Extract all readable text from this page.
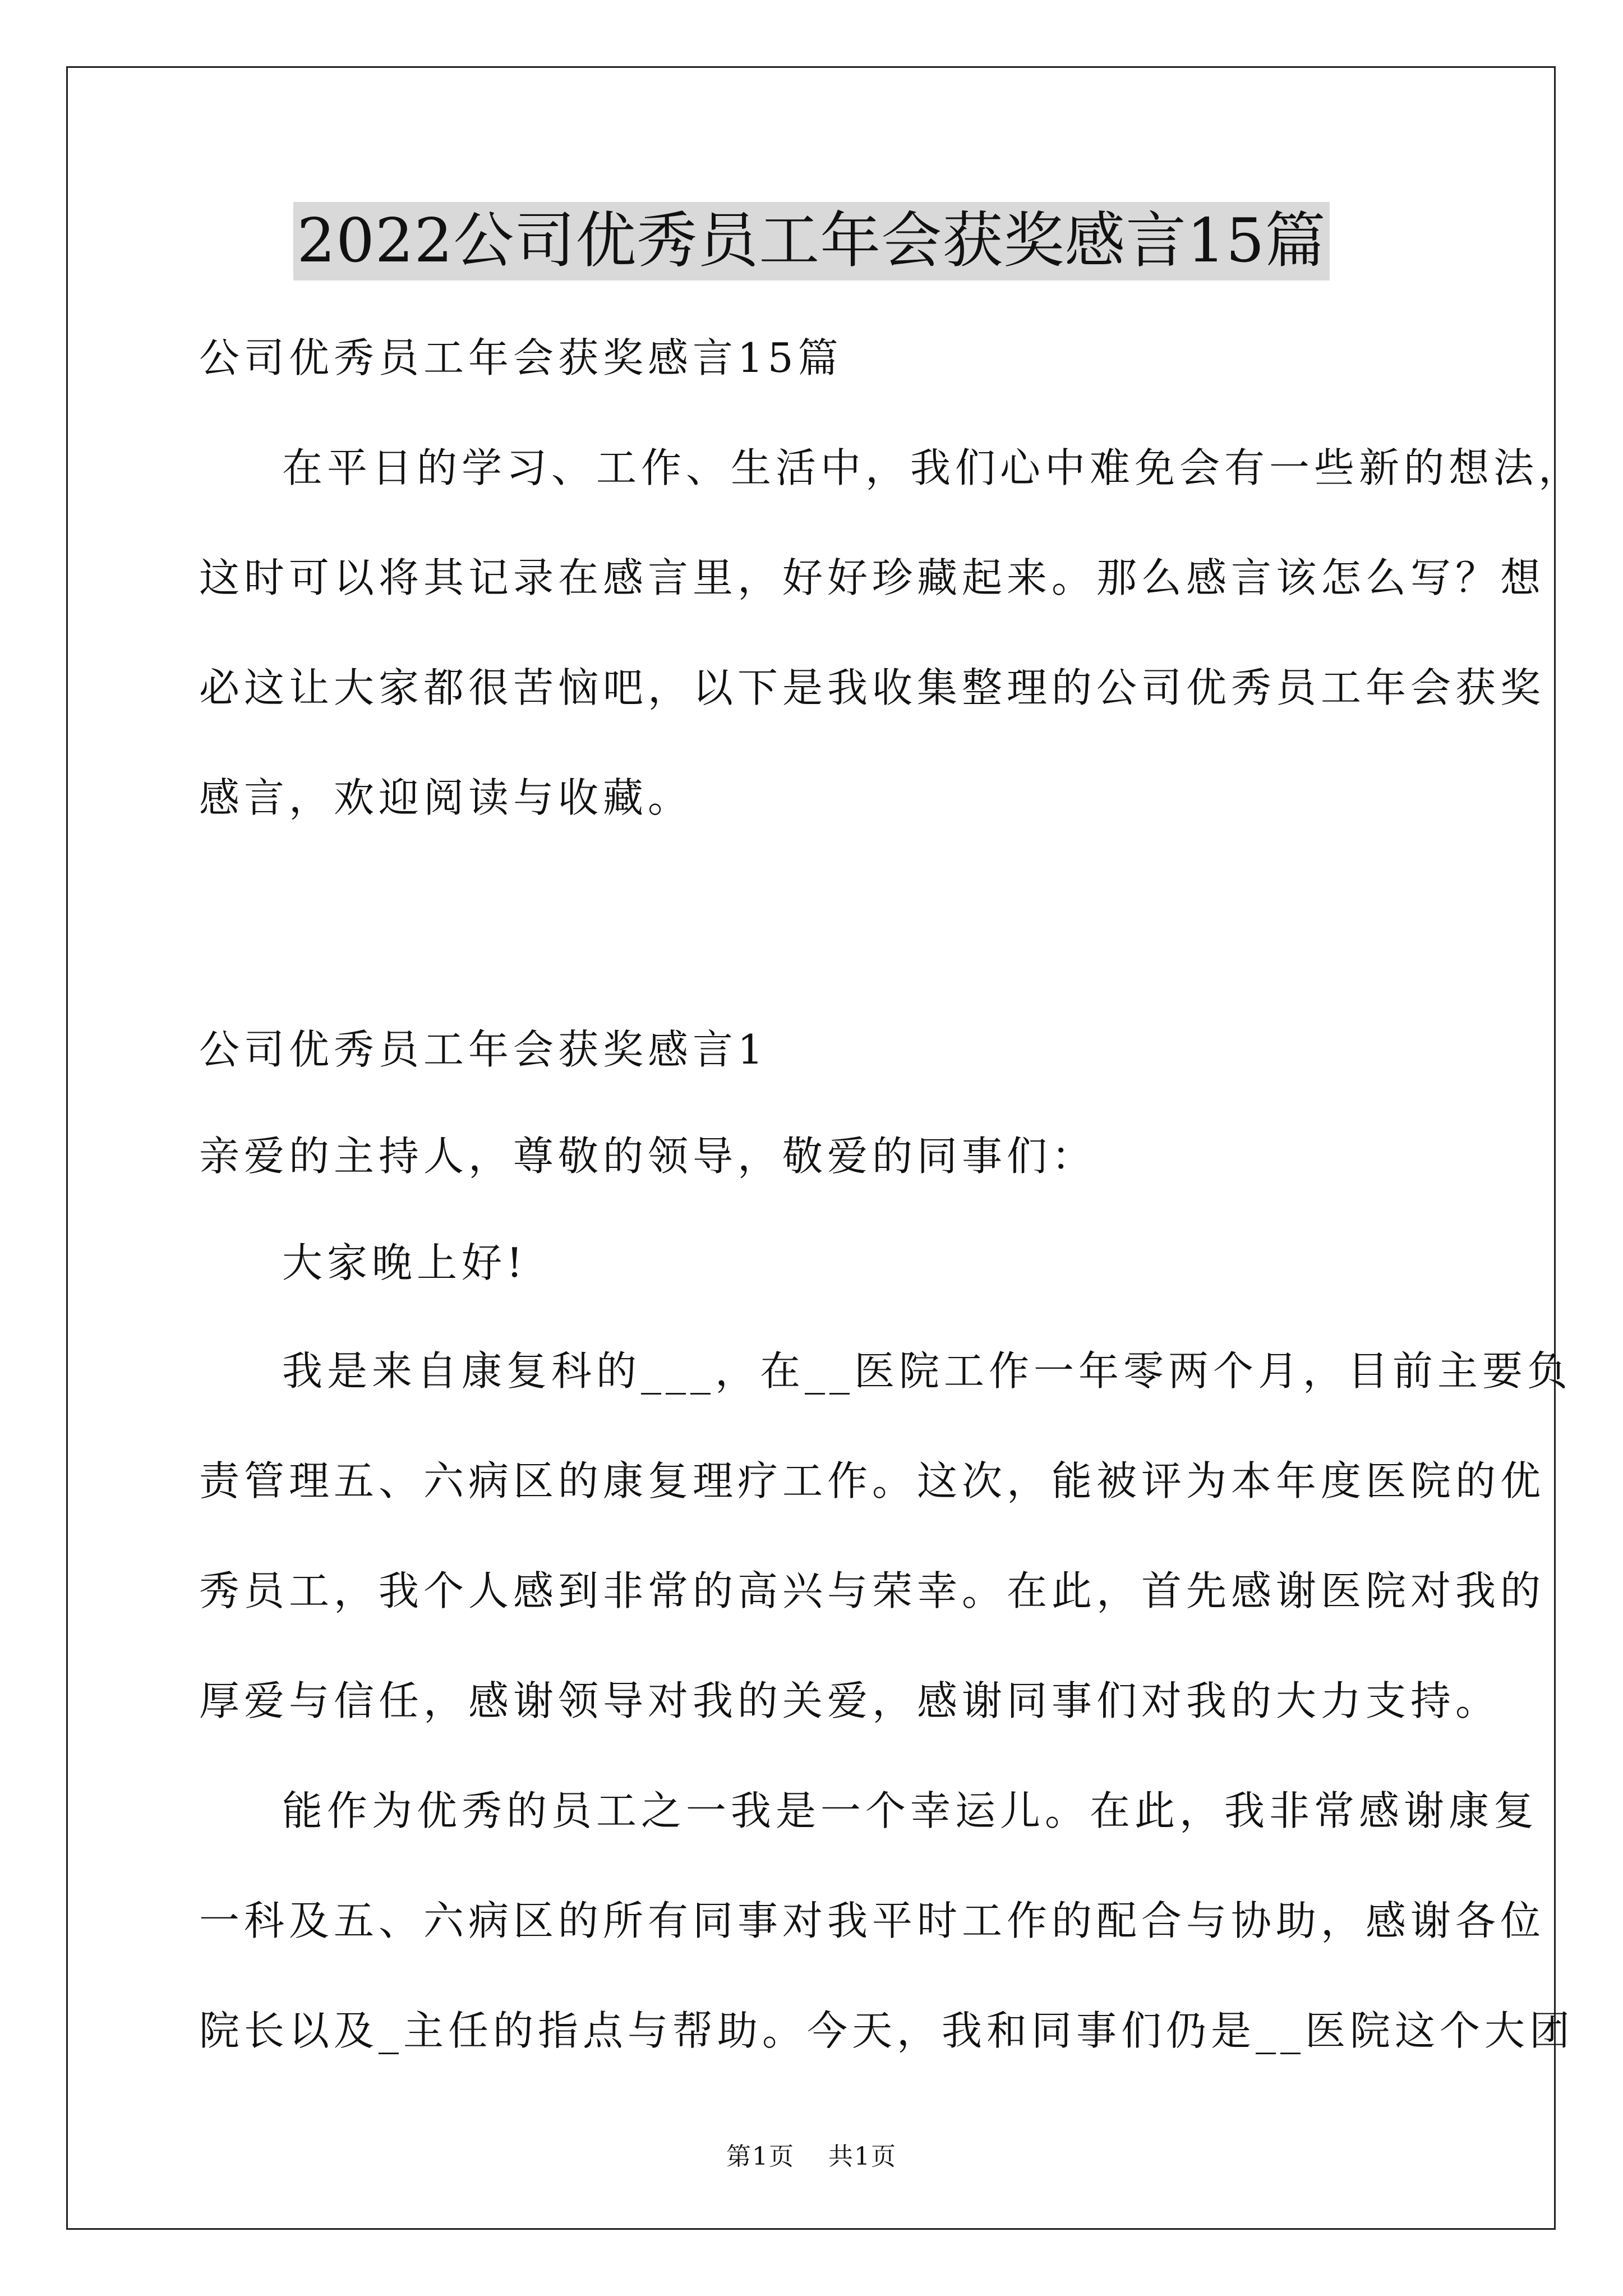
2022公司优秀员工年会获奖感言15篇
公司优秀员工年会获奖感言15篇
在平日的学习、工作、生活中，我们心中难免会有一些新的想法，
这时可以将其记录在感言里，好好珍藏起来。那么感言该怎么写？想
必这让大家都很苦恼吧，以下是我收集整理的公司优秀员工年会获奖
感言，欢迎阅读与收藏。
公司优秀员工年会获奖感言1
亲爱的主持人，尊敬的领导，敬爱的同事们：
大家晚上好!
我是来自康复科的___，在__医院工作一年零两个月，目前主要负
责管理五、六病区的康复理疗工作。这次，能被评为本年度医院的优
秀员工，我个人感到非常的高兴与荣幸。在此，首先感谢医院对我的
厚爱与信任，感谢领导对我的关爱，感谢同事们对我的大力支持。
能作为优秀的员工之一我是一个幸运儿。在此，我非常感谢康复
一科及五、六病区的所有同事对我平时工作的配合与协助，感谢各位
院长以及_主任的指点与帮助。今天，我和同事们仍是__医院这个大团
第1页 共1页
